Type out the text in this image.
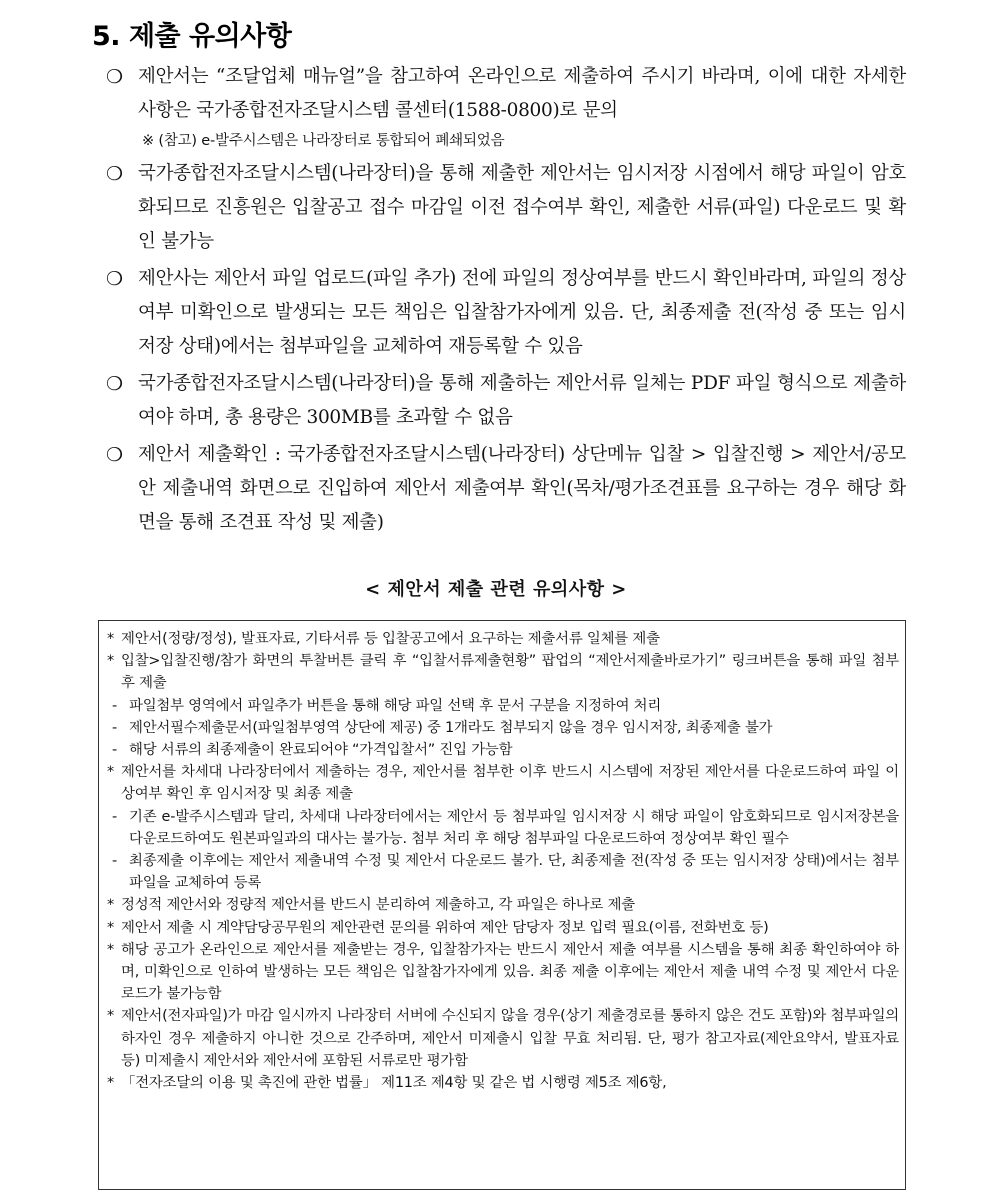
5. 제출 유의사항
❍ 제안서는 “조달업체 매뉴얼”을 참고하여 온라인으로 제출하여 주시기 바라며, 이에 대한 자세한 사항은 국가종합전자조달시스템 콜센터(1588-0800)로 문의
※ (참고) e-발주시스템은 나라장터로 통합되어 폐쇄되었음
❍ 국가종합전자조달시스템(나라장터)을 통해 제출한 제안서는 임시저장 시점에서 해당 파일이 암호화되므로 진흥원은 입찰공고 접수 마감일 이전 접수여부 확인, 제출한 서류(파일) 다운로드 및 확인 불가능
❍ 제안사는 제안서 파일 업로드(파일 추가) 전에 파일의 정상여부를 반드시 확인바라며, 파일의 정상여부 미확인으로 발생되는 모든 책임은 입찰참가자에게 있음. 단, 최종제출 전(작성 중 또는 임시저장 상태)에서는 첨부파일을 교체하여 재등록할 수 있음
❍ 국가종합전자조달시스템(나라장터)을 통해 제출하는 제안서류 일체는 PDF 파일 형식으로 제출하여야 하며, 총 용량은 300MB를 초과할 수 없음
❍ 제안서 제출확인 : 국가종합전자조달시스템(나라장터) 상단메뉴 입찰 > 입찰진행 > 제안서/공모안 제출내역 화면으로 진입하여 제안서 제출여부 확인(목차/평가조견표를 요구하는 경우 해당 화면을 통해 조견표 작성 및 제출)
< 제안서 제출 관련 유의사항 >

* 제안서(정량/정성), 발표자료, 기타서류 등 입찰공고에서 요구하는 제출서류 일체를 제출

* 입찰>입찰진행/참가 화면의 투찰버튼 클릭 후 “입찰서류제출현황” 팝업의 “제안서제출바로가기” 링크버튼을 통해 파일 첨부 후 제출

- 파일첨부 영역에서 파일추가 버튼을 통해 해당 파일 선택 후 문서 구분을 지정하여 처리

- 제안서필수제출문서(파일첨부영역 상단에 제공) 중 1개라도 첨부되지 않을 경우 임시저장, 최종제출 불가

- 해당 서류의 최종제출이 완료되어야 “가격입찰서” 진입 가능함

* 제안서를 차세대 나라장터에서 제출하는 경우, 제안서를 첨부한 이후 반드시 시스템에 저장된 제안서를 다운로드하여 파일 이상여부 확인 후 임시저장 및 최종 제출

- 기존 e-발주시스템과 달리, 차세대 나라장터에서는 제안서 등 첨부파일 임시저장 시 해당 파일이 암호화되므로 임시저장본을 다운로드하여도 원본파일과의 대사는 불가능. 첨부 처리 후 해당 첨부파일 다운로드하여 정상여부 확인 필수

- 최종제출 이후에는 제안서 제출내역 수정 및 제안서 다운로드 불가. 단, 최종제출 전(작성 중 또는 임시저장 상태)에서는 첨부파일을 교체하여 등록

* 정성적 제안서와 정량적 제안서를 반드시 분리하여 제출하고, 각 파일은 하나로 제출

* 제안서 제출 시 계약담당공무원의 제안관련 문의를 위하여 제안 담당자 정보 입력 필요(이름, 전화번호 등)

* 해당 공고가 온라인으로 제안서를 제출받는 경우, 입찰참가자는 반드시 제안서 제출 여부를 시스템을 통해 최종 확인하여야 하며, 미확인으로 인하여 발생하는 모든 책임은 입찰참가자에게 있음. 최종 제출 이후에는 제안서 제출 내역 수정 및 제안서 다운로드가 불가능함

* 제안서(전자파일)가 마감 일시까지 나라장터 서버에 수신되지 않을 경우(상기 제출경로를 통하지 않은 건도 포함)와 첨부파일의 하자인 경우 제출하지 아니한 것으로 간주하며, 제안서 미제출시 입찰 무효 처리됨. 단, 평가 참고자료(제안요약서, 발표자료 등) 미제출시 제안서와 제안서에 포함된 서류로만 평가함

* 「전자조달의 이용 및 촉진에 관한 법률」 제11조 제4항 및 같은 법 시행령 제5조 제6항,
